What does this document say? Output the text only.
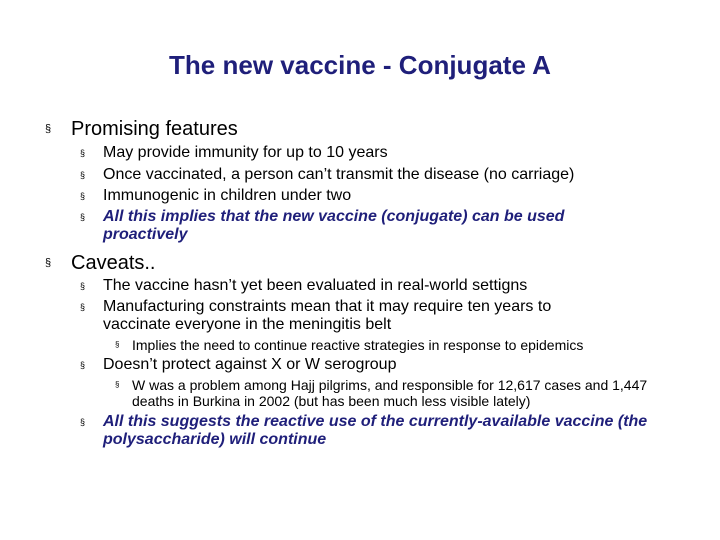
The new vaccine - Conjugate A
§ Promising features
§ May provide immunity for up to 10 years
§ Once vaccinated, a person can’t transmit the disease (no carriage)
§ Immunogenic in children under two
§ All this implies that the new vaccine (conjugate) can be used proactively
§ Caveats..
§ The vaccine hasn’t yet been evaluated in real-world settigns
§ Manufacturing constraints mean that it may require ten years to vaccinate everyone in the meningitis belt
§ Implies the need to continue reactive strategies in response to epidemics
§ Doesn’t protect against X or W serogroup
§ W was a problem among Hajj pilgrims, and responsible for 12,617 cases and 1,447 deaths in Burkina in 2002 (but has been much less visible lately)
§ All this suggests the reactive use of the currently-available vaccine (the polysaccharide) will continue
